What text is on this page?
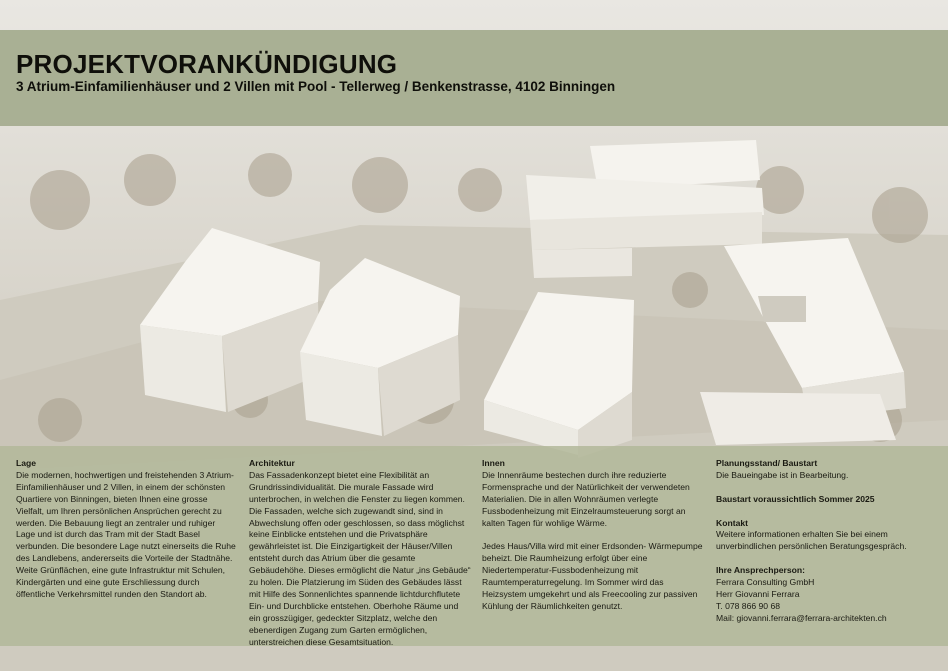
PROJEKTVORANKÜNDIGUNG
3 Atrium-Einfamilienhäuser und 2 Villen mit Pool - Tellerweg / Benkenstrasse, 4102 Binningen
Lage

Die modernen, hochwertigen und freistehenden 3 Atrium-Einfamilienhäuser und 2 Villen, in einem der schönsten Quartiere von Binningen, bieten Ihnen eine grosse Vielfalt, um Ihren persönlichen Ansprüchen gerecht zu werden. Die Bebauung liegt an zentraler und ruhiger Lage und ist durch das Tram mit der Stadt Basel verbunden. Die besondere Lage nutzt einerseits die Ruhe des Landlebens, andererseits die Vorteile der Stadtnähe. Weite Grünflächen, eine gute Infrastruktur mit Schulen, Kindergärten und eine gute Erschliessung durch öffentliche Verkehrsmittel runden den Standort ab.

Architektur

Das Fassadenkonzept bietet eine Flexibilität an Grundrissindividualität. Die murale Fassade wird unterbrochen, in welchen die Fenster zu liegen kommen. Die Fassaden, welche sich zugewandt sind, sind in Abwechslung offen oder geschlossen, so dass möglichst keine Einblicke entstehen und die Privatsphäre gewährleistet ist. Die Einzigartigkeit der Häuser/Villen entsteht durch das Atrium über die gesamte Gebäudehöhe. Dieses ermöglicht die Natur „ins Gebäude“ zu holen. Die Platzierung im Süden des Gebäudes lässt mit Hilfe des Sonnenlichtes spannende lichtdurchflutete Ein- und Durchblicke entstehen. Oberhohe Räume und ein grosszügiger, gedeckter Sitzplatz, welche den ebenerdigen Zugang zum Garten ermöglichen, unterstreichen diese Gesamtsituation.

Innen

Die Innenräume bestechen durch ihre reduzierte Formensprache und der Natürlichkeit der verwendeten Materialien. Die in allen Wohnräumen verlegte Fussbodenheizung mit Einzelraumsteuerung sorgt an kalten Tagen für wohlige Wärme.

Jedes Haus/Villa wird mit einer Erdsonden- Wärmepumpe beheizt. Die Raumheizung erfolgt über eine Niedertemperatur-Fussbodenheizung mit Raumtemperaturregelung. Im Sommer wird das Heizsystem umgekehrt und als Freecooling zur passiven Kühlung der Räumlichkeiten genutzt.

Planungsstand/ Baustart

Die Baueingabe ist in Bearbeitung.

Baustart voraussichtlich Sommer 2025
Kontakt

Weitere informationen erhalten Sie bei einem unverbindlichen persönlichen Beratungsgespräch.

Ihre Ansprechperson:

Ferrara Consulting GmbH

Herr Giovanni Ferrara

T. 078 866 90 68

Mail: giovanni.ferrara@ferrara-architekten.ch
